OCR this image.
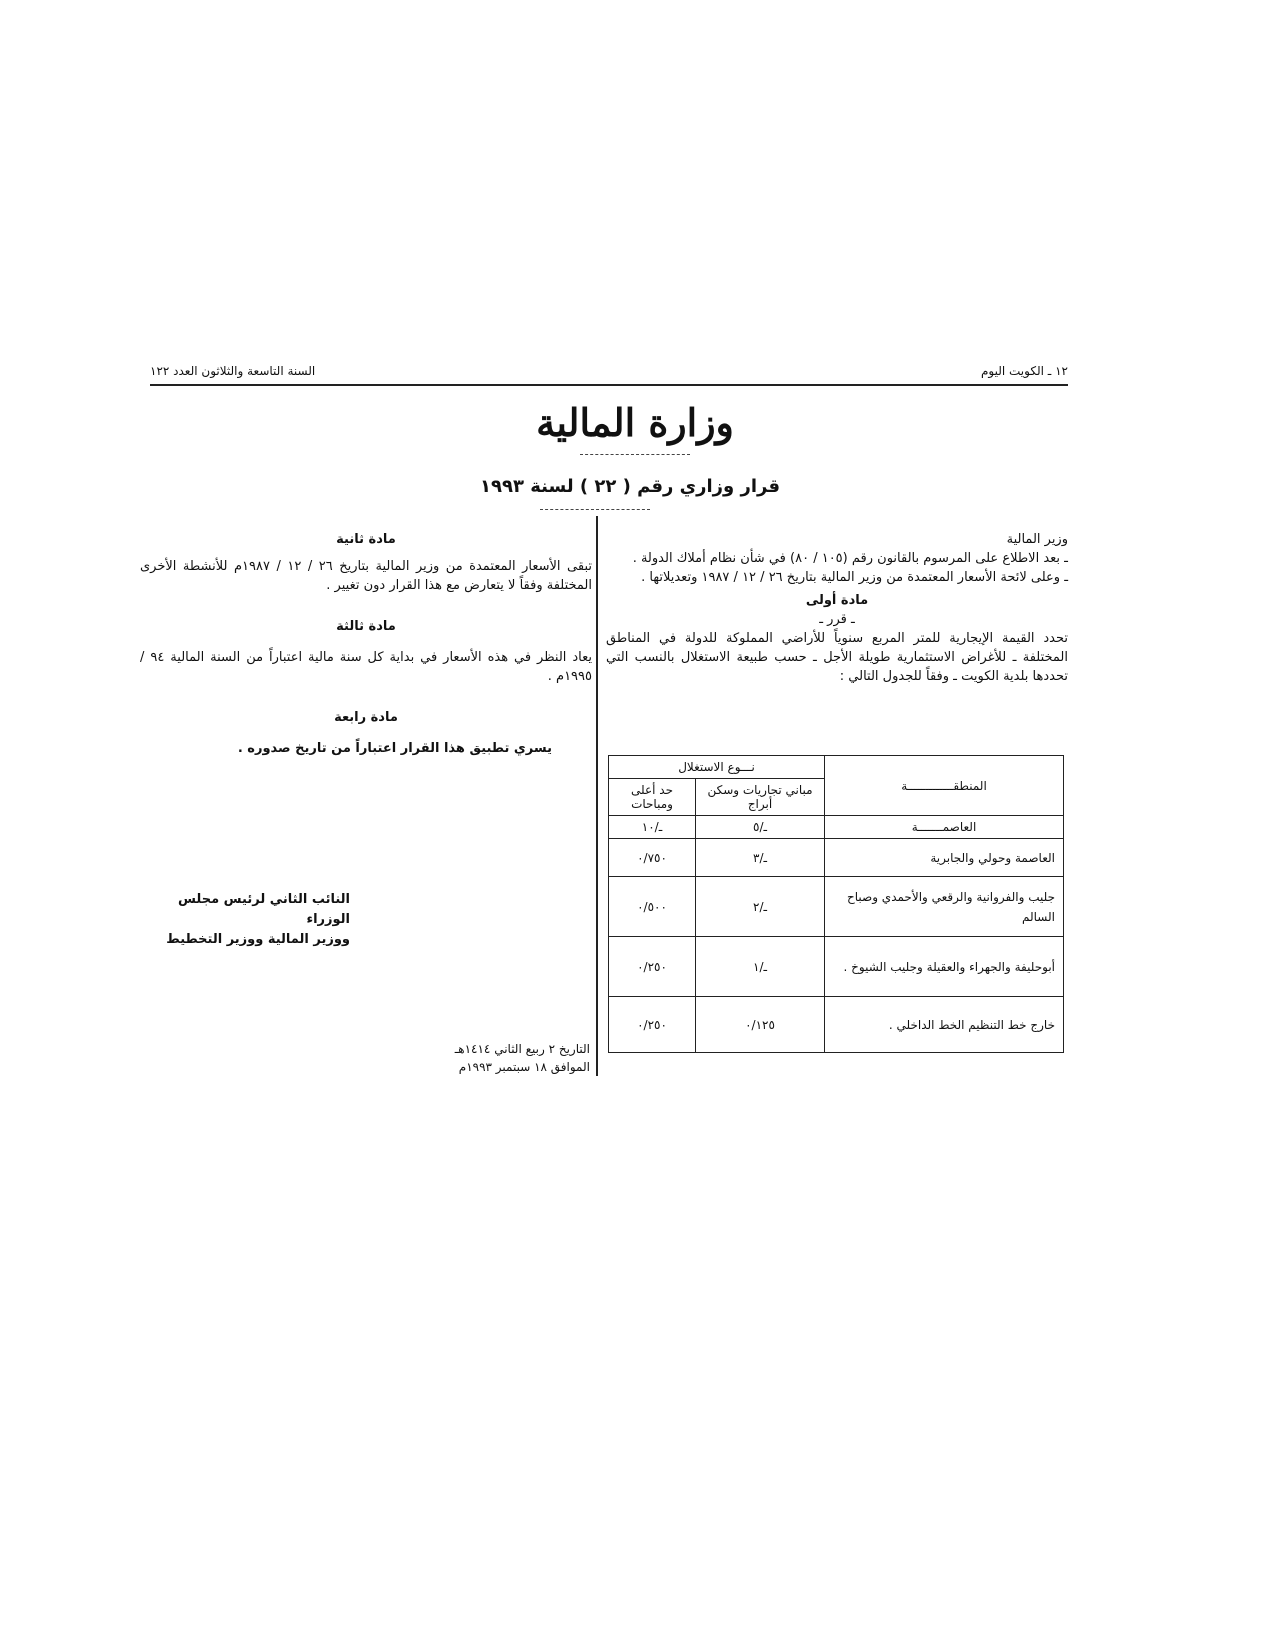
١٢ ـ الكويت اليوم
السنة التاسعة والثلاثون العدد ١٢٢
وزارة المالية
قرار وزاري رقم ( ٢٢ ) لسنة ١٩٩٣

وزير المالية

ـ بعد الاطلاع على المرسوم بالقانون رقم (١٠٥ / ٨٠) في شأن نظام أملاك الدولة .

ـ وعلى لائحة الأسعار المعتمدة من وزير المالية بتاريخ ٢٦ / ١٢ / ١٩٨٧ وتعديلاتها .

مادة أولى

ـ قرر ـ

تحدد القيمة الإيجارية للمتر المربع سنوياً للأراضي المملوكة للدولة في المناطق المختلفة ـ للأغراض الاستثمارية طويلة الأجل ـ حسب طبيعة الاستغلال بالنسب التي تحددها بلدية الكويت ـ وفقاً للجدول التالي :

المنطقـــــــــــــة	نـــوع الاستغلال	
	مباني تجاريات وسكن أبراج	حد أعلى ومباحات
العاصمـــــــة	ـ/٥	ـ/١٠
العاصمة وحولي والجابرية	ـ/٣	٠/٧٥٠
جليب والفروانية والرقعي والأحمدي وصباح السالم	ـ/٢	٠/٥٠٠
أبوحليفة والجهراء والعقيلة وجليب الشيوخ .	ـ/١	٠/٢٥٠
خارج خط التنظيم الخط الداخلي .	٠/١٢٥	٠/٢٥٠

مادة ثانية

تبقى الأسعار المعتمدة من وزير المالية بتاريخ ٢٦ / ١٢ / ١٩٨٧م للأنشطة الأخرى المختلفة وفقاً لا يتعارض مع هذا القرار دون تغيير .

مادة ثالثة

يعاد النظر في هذه الأسعار في بداية كل سنة مالية اعتباراً من السنة المالية ٩٤ / ١٩٩٥م .

مادة رابعة

يسري تطبيق هذا القرار اعتباراً من تاريخ صدوره .

النائب الثاني لرئيس مجلس الوزراء

ووزير المالية ووزير التخطيط

التاريخ ٢ ربيع الثاني ١٤١٤هـ

الموافق ١٨ سبتمبر ١٩٩٣م
